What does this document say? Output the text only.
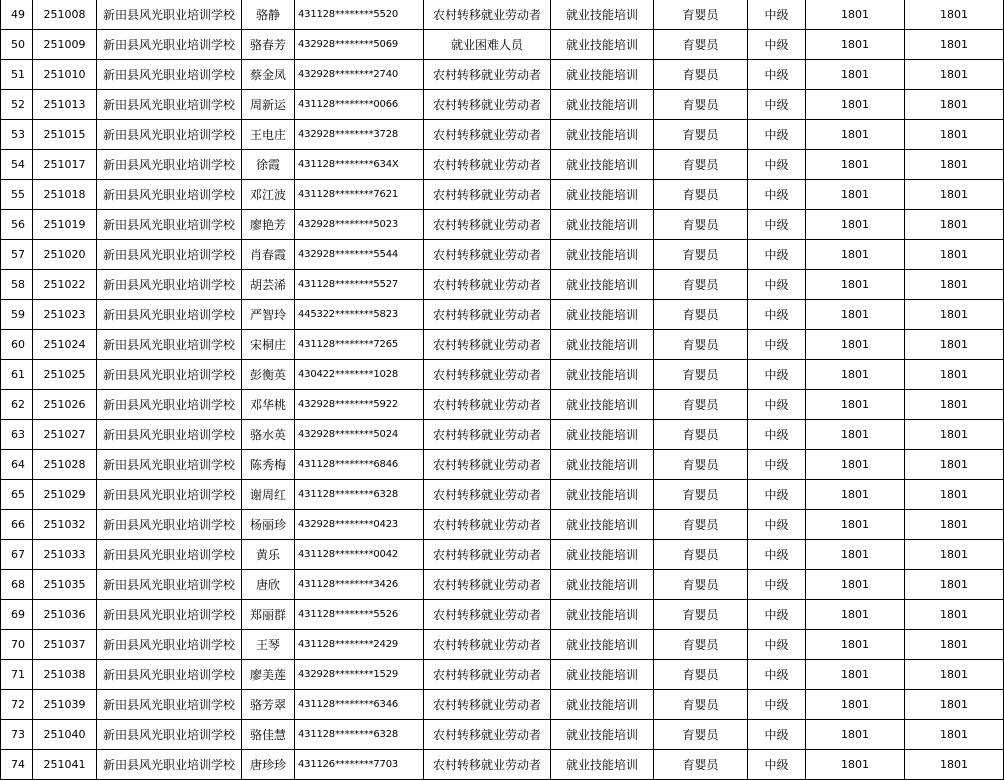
49	251008	新田县风光职业培训学校	骆静	431128********5520	农村转移就业劳动者	就业技能培训	育婴员	中级	1801	1801
50	251009	新田县风光职业培训学校	骆春芳	432928********5069	就业困难人员	就业技能培训	育婴员	中级	1801	1801
51	251010	新田县风光职业培训学校	蔡金凤	432928********2740	农村转移就业劳动者	就业技能培训	育婴员	中级	1801	1801
52	251013	新田县风光职业培训学校	周新运	431128********0066	农村转移就业劳动者	就业技能培训	育婴员	中级	1801	1801
53	251015	新田县风光职业培训学校	王电庄	432928********3728	农村转移就业劳动者	就业技能培训	育婴员	中级	1801	1801
54	251017	新田县风光职业培训学校	徐霞	431128********634X	农村转移就业劳动者	就业技能培训	育婴员	中级	1801	1801
55	251018	新田县风光职业培训学校	邓江波	431128********7621	农村转移就业劳动者	就业技能培训	育婴员	中级	1801	1801
56	251019	新田县风光职业培训学校	廖艳芳	432928********5023	农村转移就业劳动者	就业技能培训	育婴员	中级	1801	1801
57	251020	新田县风光职业培训学校	肖春霞	432928********5544	农村转移就业劳动者	就业技能培训	育婴员	中级	1801	1801
58	251022	新田县风光职业培训学校	胡芸浠	431128********5527	农村转移就业劳动者	就业技能培训	育婴员	中级	1801	1801
59	251023	新田县风光职业培训学校	严智玲	445322********5823	农村转移就业劳动者	就业技能培训	育婴员	中级	1801	1801
60	251024	新田县风光职业培训学校	宋桐庄	431128********7265	农村转移就业劳动者	就业技能培训	育婴员	中级	1801	1801
61	251025	新田县风光职业培训学校	彭衡英	430422********1028	农村转移就业劳动者	就业技能培训	育婴员	中级	1801	1801
62	251026	新田县风光职业培训学校	邓华桃	432928********5922	农村转移就业劳动者	就业技能培训	育婴员	中级	1801	1801
63	251027	新田县风光职业培训学校	骆水英	432928********5024	农村转移就业劳动者	就业技能培训	育婴员	中级	1801	1801
64	251028	新田县风光职业培训学校	陈秀梅	431128********6846	农村转移就业劳动者	就业技能培训	育婴员	中级	1801	1801
65	251029	新田县风光职业培训学校	谢周红	431128********6328	农村转移就业劳动者	就业技能培训	育婴员	中级	1801	1801
66	251032	新田县风光职业培训学校	杨丽珍	432928********0423	农村转移就业劳动者	就业技能培训	育婴员	中级	1801	1801
67	251033	新田县风光职业培训学校	黄乐	431128********0042	农村转移就业劳动者	就业技能培训	育婴员	中级	1801	1801
68	251035	新田县风光职业培训学校	唐欣	431128********3426	农村转移就业劳动者	就业技能培训	育婴员	中级	1801	1801
69	251036	新田县风光职业培训学校	郑丽群	431128********5526	农村转移就业劳动者	就业技能培训	育婴员	中级	1801	1801
70	251037	新田县风光职业培训学校	王琴	431128********2429	农村转移就业劳动者	就业技能培训	育婴员	中级	1801	1801
71	251038	新田县风光职业培训学校	廖美莲	432928********1529	农村转移就业劳动者	就业技能培训	育婴员	中级	1801	1801
72	251039	新田县风光职业培训学校	骆芳翠	431128********6346	农村转移就业劳动者	就业技能培训	育婴员	中级	1801	1801
73	251040	新田县风光职业培训学校	骆佳慧	431128********6328	农村转移就业劳动者	就业技能培训	育婴员	中级	1801	1801
74	251041	新田县风光职业培训学校	唐珍珍	431126********7703	农村转移就业劳动者	就业技能培训	育婴员	中级	1801	1801
